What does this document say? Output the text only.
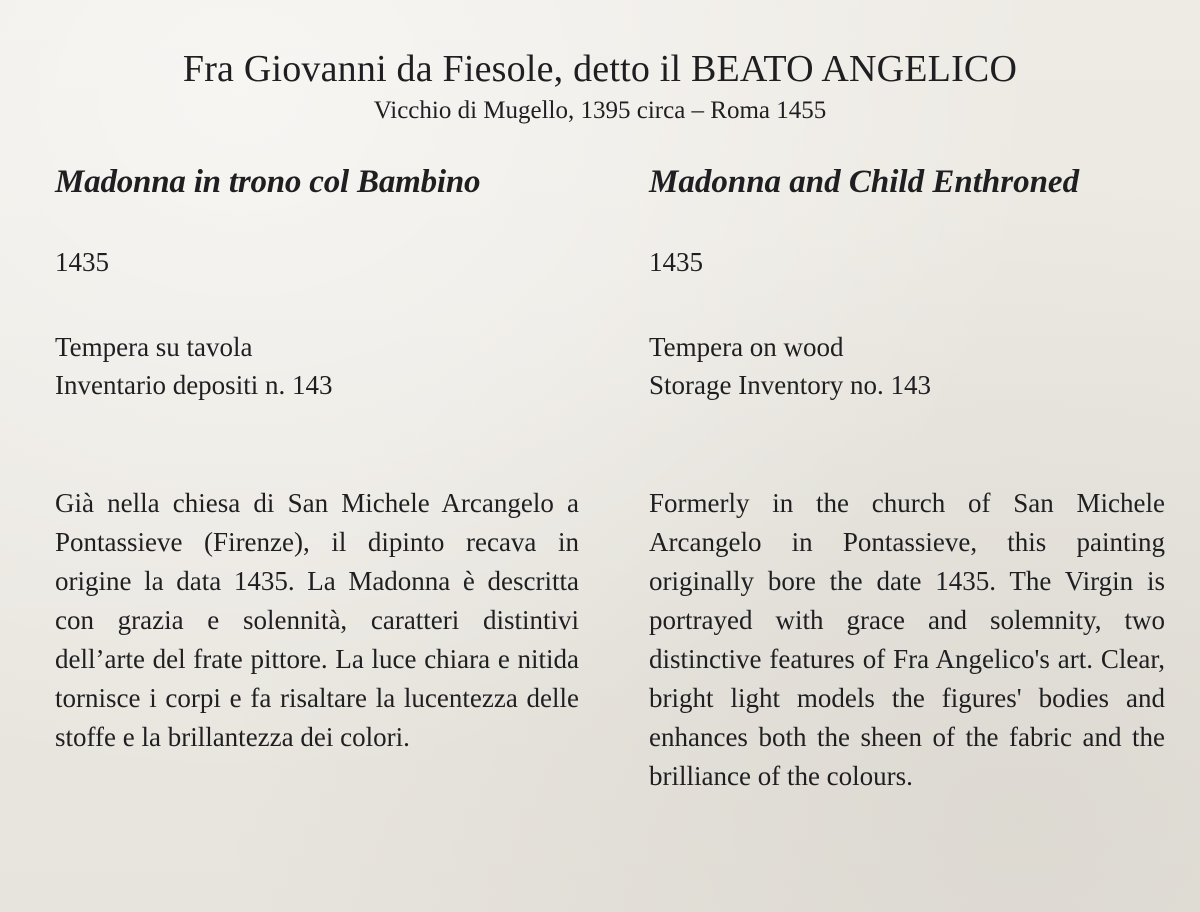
Fra Giovanni da Fiesole, detto il BEATO ANGELICO
Vicchio di Mugello, 1395 circa – Roma 1455
Madonna in trono col Bambino
1435
Tempera su tavola
Inventario depositi n. 143
Già nella chiesa di San Michele Arcangelo a Pontassieve (Firenze), il dipinto recava in origine la data 1435. La Madonna è descritta con grazia e solennità, caratteri distintivi dell’arte del frate pittore. La luce chiara e nitida tornisce i corpi e fa risaltare la lucentezza delle stoffe e la brillantezza dei colori.
Madonna and Child Enthroned
1435
Tempera on wood
Storage Inventory no. 143
Formerly in the church of San Michele Arcangelo in Pontassieve, this painting originally bore the date 1435. The Virgin is portrayed with grace and solemnity, two distinctive features of Fra Angelico's art. Clear, bright light models the figures' bodies and enhances both the sheen of the fabric and the brilliance of the colours.
